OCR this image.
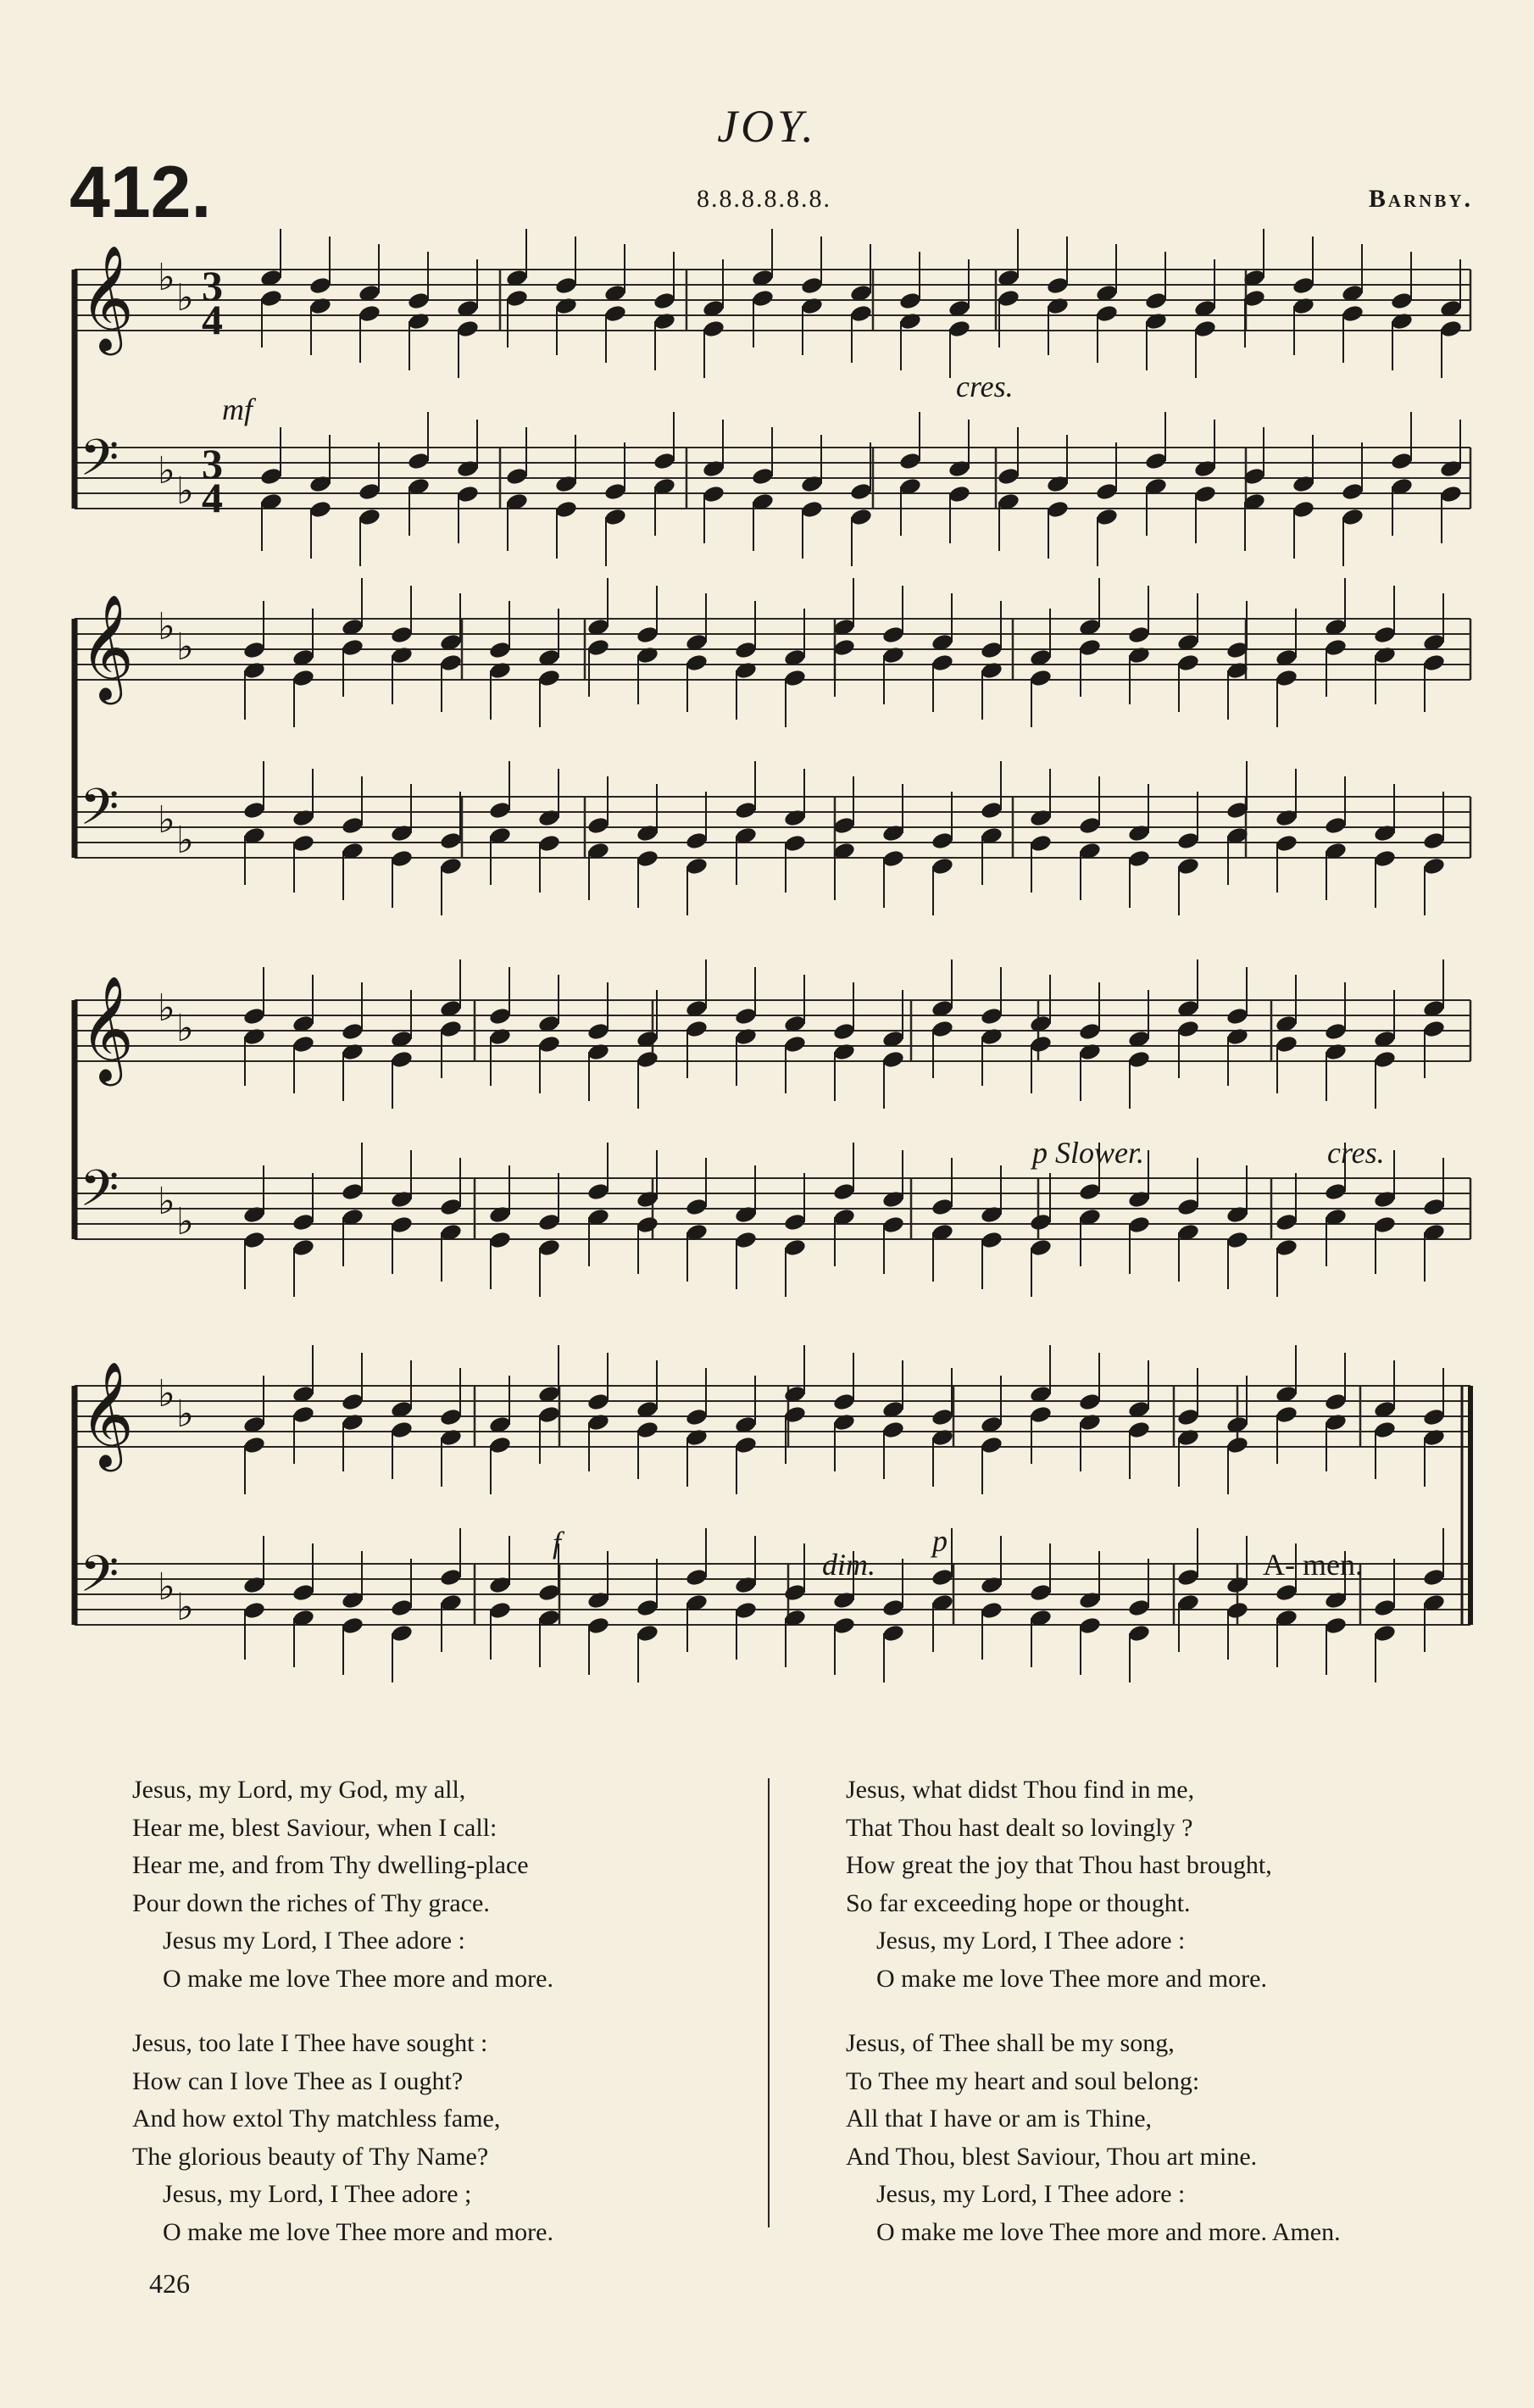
JOY.
412.	8.8.8.8.8.8.	Barnby.
𝄞 ♭ ♭ 3
4
𝄢 ♭ ♭
3
4
𝄞 ♭ ♭
𝄢 ♭ ♭
𝄞 ♭ ♭
𝄢 ♭ ♭
𝄞 ♭ ♭
𝄢 ♭ ♭
mf
cres.
p Slower.	cres.
f
dim.
p
A- men.
Jesus, my Lord, my God, my all,
Hear me, blest Saviour, when I call:
Hear me, and from Thy dwelling-place
Pour down the riches of Thy grace.
Jesus my Lord, I Thee adore :
O make me love Thee more and more.
Jesus, too late I Thee have sought :
How can I love Thee as I ought?
And how extol Thy matchless fame,
The glorious beauty of Thy Name?
Jesus, my Lord, I Thee adore ;
O make me love Thee more and more.
Jesus, what didst Thou find in me,
That Thou hast dealt so lovingly ?
How great the joy that Thou hast brought,
So far exceeding hope or thought.
Jesus, my Lord, I Thee adore :
O make me love Thee more and more.
Jesus, of Thee shall be my song,
To Thee my heart and soul belong:
All that I have or am is Thine,
And Thou, blest Saviour, Thou art mine.
Jesus, my Lord, I Thee adore :
O make me love Thee more and more. Amen.
426
